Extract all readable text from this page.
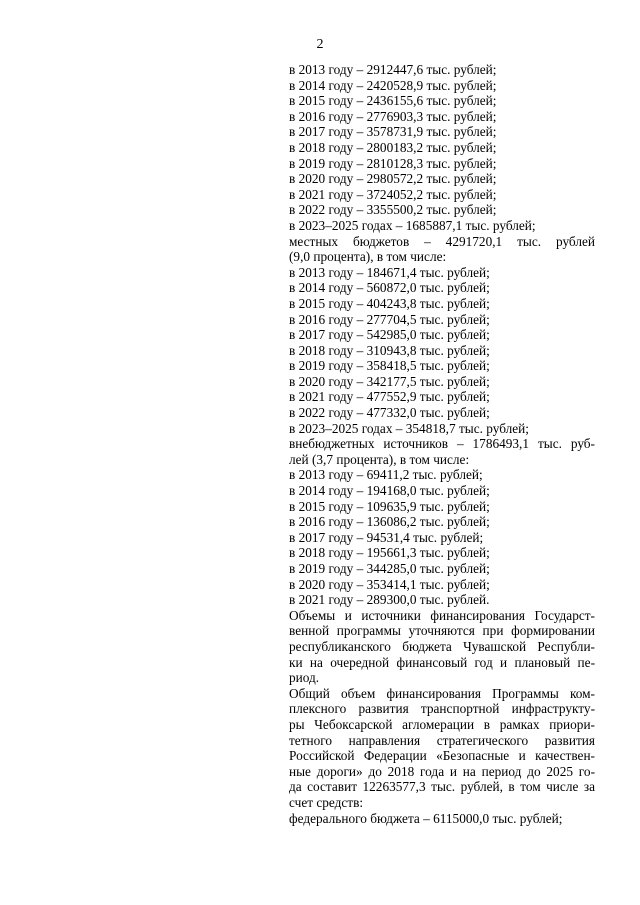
2
в 2013 году – 2912447,6 тыс. рублей;
в 2014 году – 2420528,9 тыс. рублей;
в 2015 году – 2436155,6 тыс. рублей;
в 2016 году – 2776903,3 тыс. рублей;
в 2017 году – 3578731,9 тыс. рублей;
в 2018 году – 2800183,2 тыс. рублей;
в 2019 году – 2810128,3 тыс. рублей;
в 2020 году – 2980572,2 тыс. рублей;
в 2021 году – 3724052,2 тыс. рублей;
в 2022 году – 3355500,2 тыс. рублей;
в 2023–2025 годах – 1685887,1 тыс. рублей;
местных бюджетов – 4291720,1 тыс. рублей
(9,0 процента), в том числе:
в 2013 году – 184671,4 тыс. рублей;
в 2014 году – 560872,0 тыс. рублей;
в 2015 году – 404243,8 тыс. рублей;
в 2016 году – 277704,5 тыс. рублей;
в 2017 году – 542985,0 тыс. рублей;
в 2018 году – 310943,8 тыс. рублей;
в 2019 году – 358418,5 тыс. рублей;
в 2020 году – 342177,5 тыс. рублей;
в 2021 году – 477552,9 тыс. рублей;
в 2022 году – 477332,0 тыс. рублей;
в 2023–2025 годах – 354818,7 тыс. рублей;
внебюджетных источников – 1786493,1 тыс. руб-
лей (3,7 процента), в том числе:
в 2013 году – 69411,2 тыс. рублей;
в 2014 году – 194168,0 тыс. рублей;
в 2015 году – 109635,9 тыс. рублей;
в 2016 году – 136086,2 тыс. рублей;
в 2017 году – 94531,4 тыс. рублей;
в 2018 году – 195661,3 тыс. рублей;
в 2019 году – 344285,0 тыс. рублей;
в 2020 году – 353414,1 тыс. рублей;
в 2021 году – 289300,0 тыс. рублей.
Объемы и источники финансирования Государст-
венной программы уточняются при формировании
республиканского бюджета Чувашской Республи-
ки на очередной финансовый год и плановый пе-
риод.
Общий объем финансирования Программы ком-
плексного развития транспортной инфраструкту-
ры Чебоксарской агломерации в рамках приори-
тетного направления стратегического развития
Российской Федерации «Безопасные и качествен-
ные дороги» до 2018 года и на период до 2025 го-
да составит 12263577,3 тыс. рублей, в том числе за
счет средств:
федерального бюджета – 6115000,0 тыс. рублей;
